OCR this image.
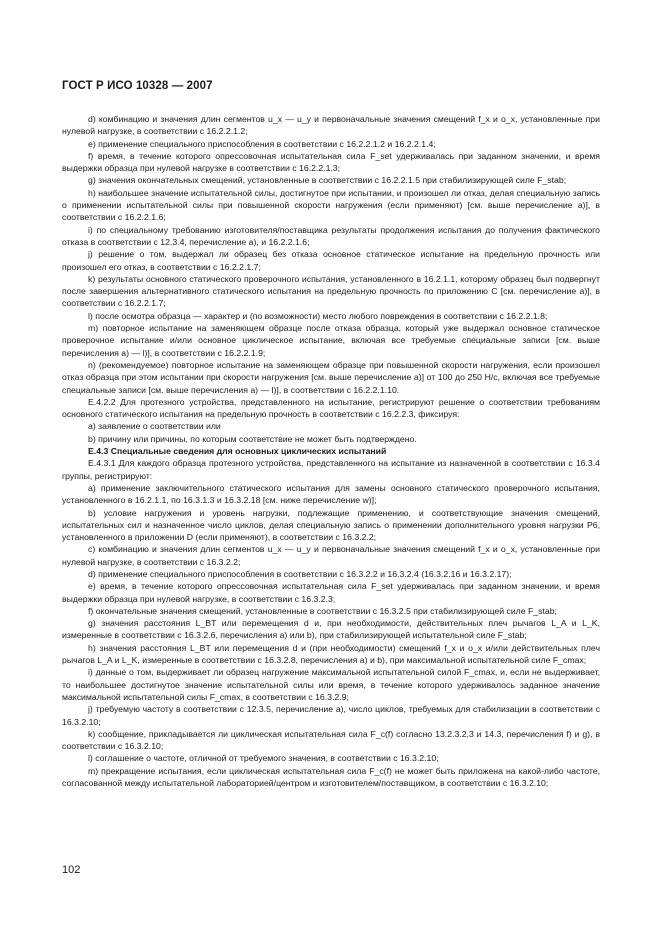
ГОСТ Р ИСО 10328 — 2007

d) комбинацию и значения длин сегментов u_x — u_y и первоначальные значения смещений f_x и o_x, установленные при нулевой нагрузке, в соответствии с 16.2.2.1.2;

e) применение специального приспособления в соответствии с 16.2.2.1.2 и 16.2.2.1.4;

f) время, в течение которого опрессовочная испытательная сила F_set удерживалась при заданном значении, и время выдержки образца при нулевой нагрузке в соответствии с 16.2.2.1.3;

g) значения окончательных смещений, установленные в соответствии с 16.2.2.1.5 при стабилизирующей силе F_stab;

h) наибольшее значение испытательной силы, достигнутое при испытании, и произошел ли отказ, делая специальную запись о применении испытательной силы при повышенной скорости нагружения (если применяют) [см. выше перечисление a)], в соответствии с 16.2.2.1.6;

i) по специальному требованию изготовителя/поставщика результаты продолжения испытания до получения фактического отказа в соответствии с 12.3.4, перечисление a), и 16.2.2.1.6;

j) решение о том, выдержал ли образец без отказа основное статическое испытание на предельную прочность или произошел его отказ, в соответствии с 16.2.2.1.7;

k) результаты основного статического проверочного испытания, установленного в 16.2.1.1, которому образец был подвергнут после завершения альтернативного статического испытания на предельную прочность по приложению C [см. перечисление a)], в соответствии с 16.2.2.1.7;

l) после осмотра образца — характер и (по возможности) место любого повреждения в соответствии с 16.2.2.1.8;

m) повторное испытание на заменяющем образце после отказа образца, который уже выдержал основное статическое проверочное испытание и/или основное циклическое испытание, включая все требуемые специальные записи [см. выше перечисления a) — l)], в соответствии с 16.2.2.1.9;

n) (рекомендуемое) повторное испытание на заменяющем образце при повышенной скорости нагружения, если произошел отказ образца при этом испытании при скорости нагружения [см. выше перечисление a)] от 100 до 250 Н/с, включая все требуемые специальные записи [см. выше перечисления a) — l)], в соответствии с 16.2.2.1.10.

E.4.2.2 Для протезного устройства, представленного на испытание, регистрируют решение о соответствии требованиям основного статического испытания на предельную прочность в соответствии с 16.2.2.3, фиксируя:

a) заявление о соответствии или

b) причину или причины, по которым соответствие не может быть подтверждено.

E.4.3 Специальные сведения для основных циклических испытаний

E.4.3.1 Для каждого образца протезного устройства, представленного на испытание из назначенной в соответствии с 16.3.4 группы, регистрируют:

a) применение заключительного статического испытания для замены основного статического проверочного испытания, установленного в 16.2.1.1, по 16.3.1.3 и 16.3.2.18 [см. ниже перечисление w)];

b) условие нагружения и уровень нагрузки, подлежащие применению, и соответствующие значения смещений, испытательных сил и назначенное число циклов, делая специальную запись о применении дополнительного уровня нагрузки P6, установленного в приложении D (если применяют), в соответствии с 16.3.2.2;

c) комбинацию и значения длин сегментов u_x — u_y и первоначальные значения смещений f_x и o_x, установленные при нулевой нагрузке, в соответствии с 16.3.2.2;

d) применение специального приспособления в соответствии с 16.3.2.2 и 16.3.2.4 (16.3.2.16 и 16.3.2.17);

e) время, в течение которого опрессовочная испытательная сила F_set удерживалась при заданном значении, и время выдержки образца при нулевой нагрузке, в соответствии с 16.3.2.3;

f) окончательные значения смещений, установленные в соответствии с 16.3.2.5 при стабилизирующей силе F_stab;

g) значения расстояния L_BT или перемещения d и, при необходимости, действительных плеч рычагов L_A и L_K, измеренные в соответствии с 16.3.2.6, перечисления a) или b), при стабилизирующей испытательной силе F_stab;

h) значения расстояния L_BT или перемещения d и (при необходимости) смещений f_x и o_x и/или действительных плеч рычагов L_A и L_K, измеренные в соответствии с 16.3.2.8, перечисления a) и b), при максимальной испытательной силе F_cmax;

i) данные о том, выдерживает ли образец нагружение максимальной испытательной силой F_cmax, и, если не выдерживает, то наибольшее достигнутое значение испытательной силы или время, в течение которого удерживалось заданное значение максимальной испытательной силы F_cmax, в соответствии с 16.3.2.9;

j) требуемую частоту в соответствии с 12.3.5, перечисление a), число циклов, требуемых для стабилизации в соответствии с 16.3.2.10;

k) сообщение, прикладывается ли циклическая испытательная сила F_c(f) согласно 13.2.3.2.3 и 14.3, перечисления f) и g), в соответствии с 16.3.2.10;

l) соглашение о частоте, отличной от требуемого значения, в соответствии с 16.3.2.10;

m) прекращение испытания, если циклическая испытательная сила F_c(f) не может быть приложена на какой-либо частоте, согласованной между испытательной лабораторией/центром и изготовителем/поставщиком, в соответствии с 16.3.2.10;

102
